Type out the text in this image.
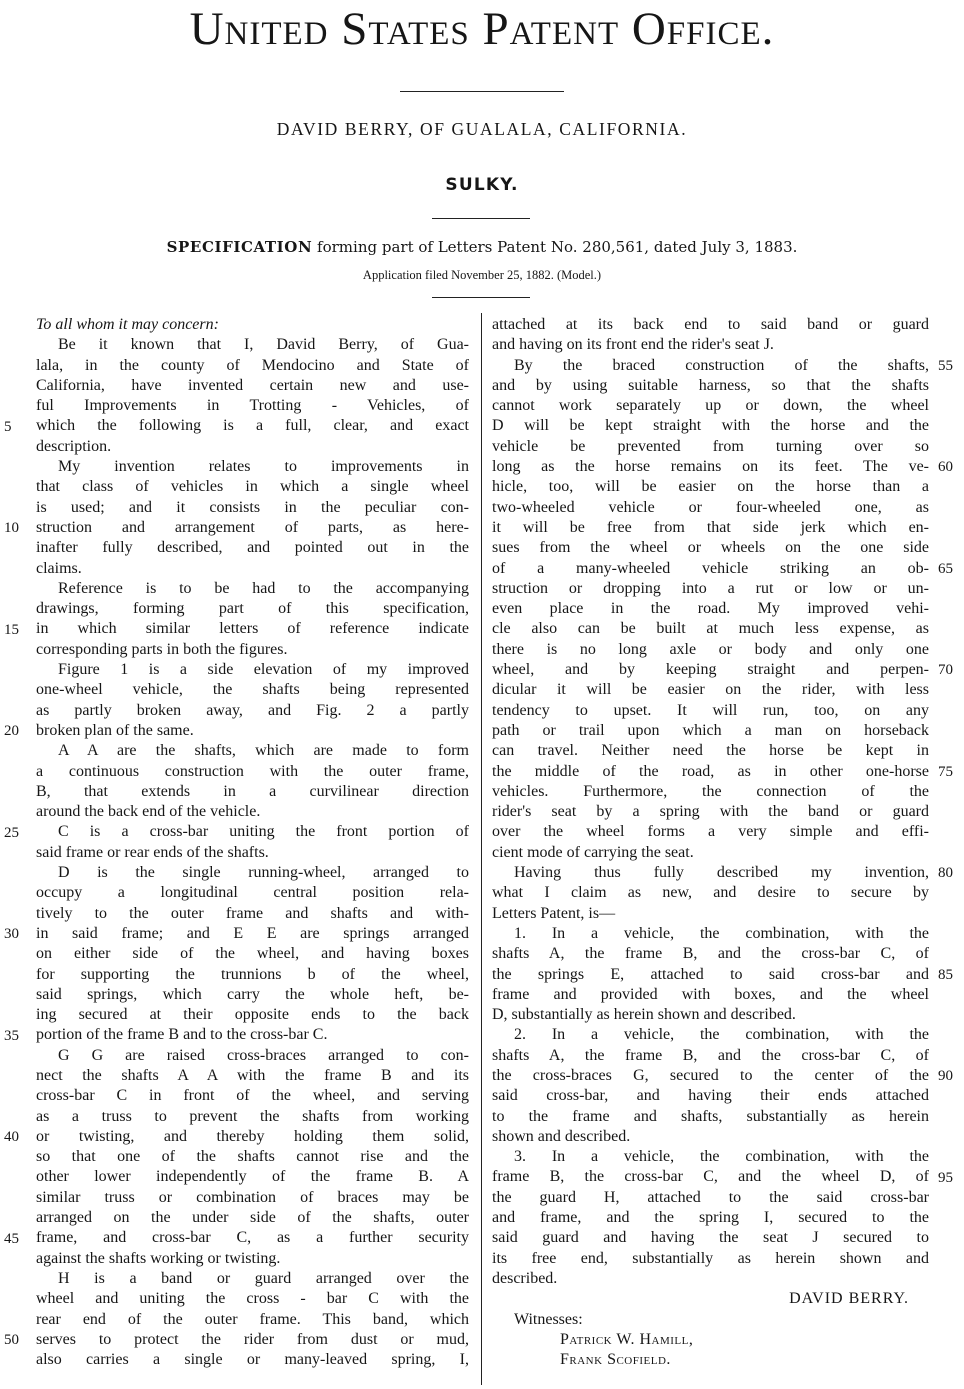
United States Patent Office.
DAVID BERRY, OF GUALALA, CALIFORNIA.
SULKY.
SPECIFICATION forming part of Letters Patent No. 280,561, dated July 3, 1883.
Application filed November 25, 1882. (Model.)
To all whom it may concern:
Be it known that I, David Berry, of Gua-
lala, in the county of Mendocino and State of
California, have invented certain new and use-
ful Improvements in Trotting - Vehicles, of
which the following is a full, clear, and exact
description.
My invention relates to improvements in
that class of vehicles in which a single wheel
is used; and it consists in the peculiar con-
struction and arrangement of parts, as here-
inafter fully described, and pointed out in the
claims.
Reference is to be had to the accompanying
drawings, forming part of this specification,
in which similar letters of reference indicate
corresponding parts in both the figures.
Figure 1 is a side elevation of my improved
one-wheel vehicle, the shafts being represented
as partly broken away, and Fig. 2 a partly
broken plan of the same.
A A are the shafts, which are made to form
a continuous construction with the outer frame,
B, that extends in a curvilinear direction
around the back end of the vehicle.
C is a cross-bar uniting the front portion of
said frame or rear ends of the shafts.
D is the single running-wheel, arranged to
occupy a longitudinal central position rela-
tively to the outer frame and shafts and with-
in said frame; and E E are springs arranged
on either side of the wheel, and having boxes
for supporting the trunnions b of the wheel,
said springs, which carry the whole heft, be-
ing secured at their opposite ends to the back
portion of the frame B and to the cross-bar C.
G G are raised cross-braces arranged to con-
nect the shafts A A with the frame B and its
cross-bar C in front of the wheel, and serving
as a truss to prevent the shafts from working
or twisting, and thereby holding them solid,
so that one of the shafts cannot rise and the
other lower independently of the frame B. A
similar truss or combination of braces may be
arranged on the under side of the shafts, outer
frame, and cross-bar C, as a further security
against the shafts working or twisting.
H is a band or guard arranged over the
wheel and uniting the cross - bar C with the
rear end of the outer frame. This band, which
serves to protect the rider from dust or mud,
also carries a single or many-leaved spring, I,
attached at its back end to said band or guard
and having on its front end the rider's seat J.
By the braced construction of the shafts,
and by using suitable harness, so that the shafts
cannot work separately up or down, the wheel
D will be kept straight with the horse and the
vehicle be prevented from turning over so
long as the horse remains on its feet. The ve-
hicle, too, will be easier on the horse than a
two-wheeled vehicle or four-wheeled one, as
it will be free from that side jerk which en-
sues from the wheel or wheels on the one side
of a many-wheeled vehicle striking an ob-
struction or dropping into a rut or low or un-
even place in the road. My improved vehi-
cle also can be built at much less expense, as
there is no long axle or body and only one
wheel, and by keeping straight and perpen-
dicular it will be easier on the rider, with less
tendency to upset. It will run, too, on any
path or trail upon which a man on horseback
can travel. Neither need the horse be kept in
the middle of the road, as in other one-horse
vehicles. Furthermore, the connection of the
rider's seat by a spring with the band or guard
over the wheel forms a very simple and effi-
cient mode of carrying the seat.
Having thus fully described my invention,
what I claim as new, and desire to secure by
Letters Patent, is—
1. In a vehicle, the combination, with the
shafts A, the frame B, and the cross-bar C, of
the springs E, attached to said cross-bar and
frame and provided with boxes, and the wheel
D, substantially as herein shown and described.
2. In a vehicle, the combination, with the
shafts A, the frame B, and the cross-bar C, of
the cross-braces G, secured to the center of the
said cross-bar, and having their ends attached
to the frame and shafts, substantially as herein
shown and described.
3. In a vehicle, the combination, with the
frame B, the cross-bar C, and the wheel D, of
the guard H, attached to the said cross-bar
and frame, and the spring I, secured to the
said guard and having the seat J secured to
its free end, substantially as herein shown and
described.
DAVID BERRY.
Witnesses:
Patrick W. Hamill,
Frank Scofield.
5
10
15
20
25
30
35
40
45
50
55
60
65
70
75
80
85
90
95
